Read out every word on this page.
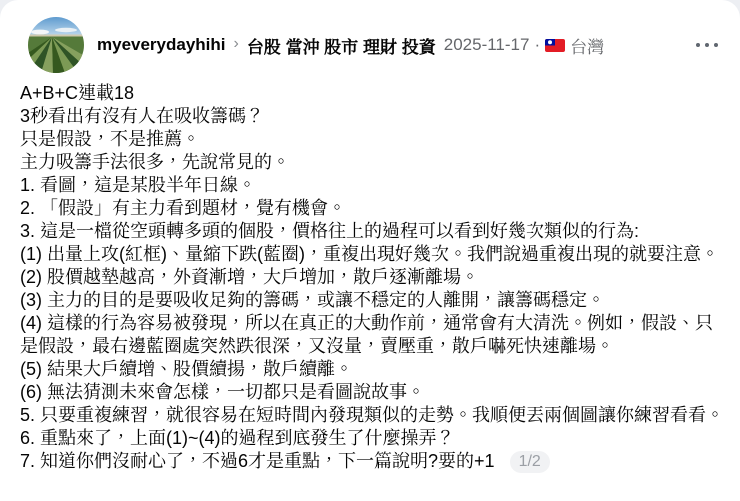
myeverydayhihi › 台股 當沖 股市 理財 投資 2025-11-17 · 台灣

A+B+C連載18

3秒看出有沒有人在吸收籌碼？

只是假設，不是推薦。

主力吸籌手法很多，先說常見的。

1. 看圖，這是某股半年日線。

2. 「假設」有主力看到題材，覺有機會。

3. 這是一檔從空頭轉多頭的個股，價格往上的過程可以看到好幾次類似的行為:

(1) 出量上攻(紅框)、量縮下跌(藍圈)，重複出現好幾次。我們說過重複出現的就要注意。

(2) 股價越墊越高，外資漸增，大戶增加，散戶逐漸離場。

(3) 主力的目的是要吸收足夠的籌碼，或讓不穩定的人離開，讓籌碼穩定。

(4) 這樣的行為容易被發現，所以在真正的大動作前，通常會有大清洗。例如，假設、只是假設，最右邊藍圈處突然跌很深，又沒量，賣壓重，散戶嚇死快速離場。

(5) 結果大戶續增、股價續揚，散戶續離。

(6) 無法猜測未來會怎樣，一切都只是看圖說故事。

5. 只要重複練習，就很容易在短時間內發現類似的走勢。我順便丟兩個圖讓你練習看看。

6. 重點來了，上面(1)~(4)的過程到底發生了什麼操弄？

7. 知道你們沒耐心了，不過6才是重點，下一篇說明?要的+1 1/2
